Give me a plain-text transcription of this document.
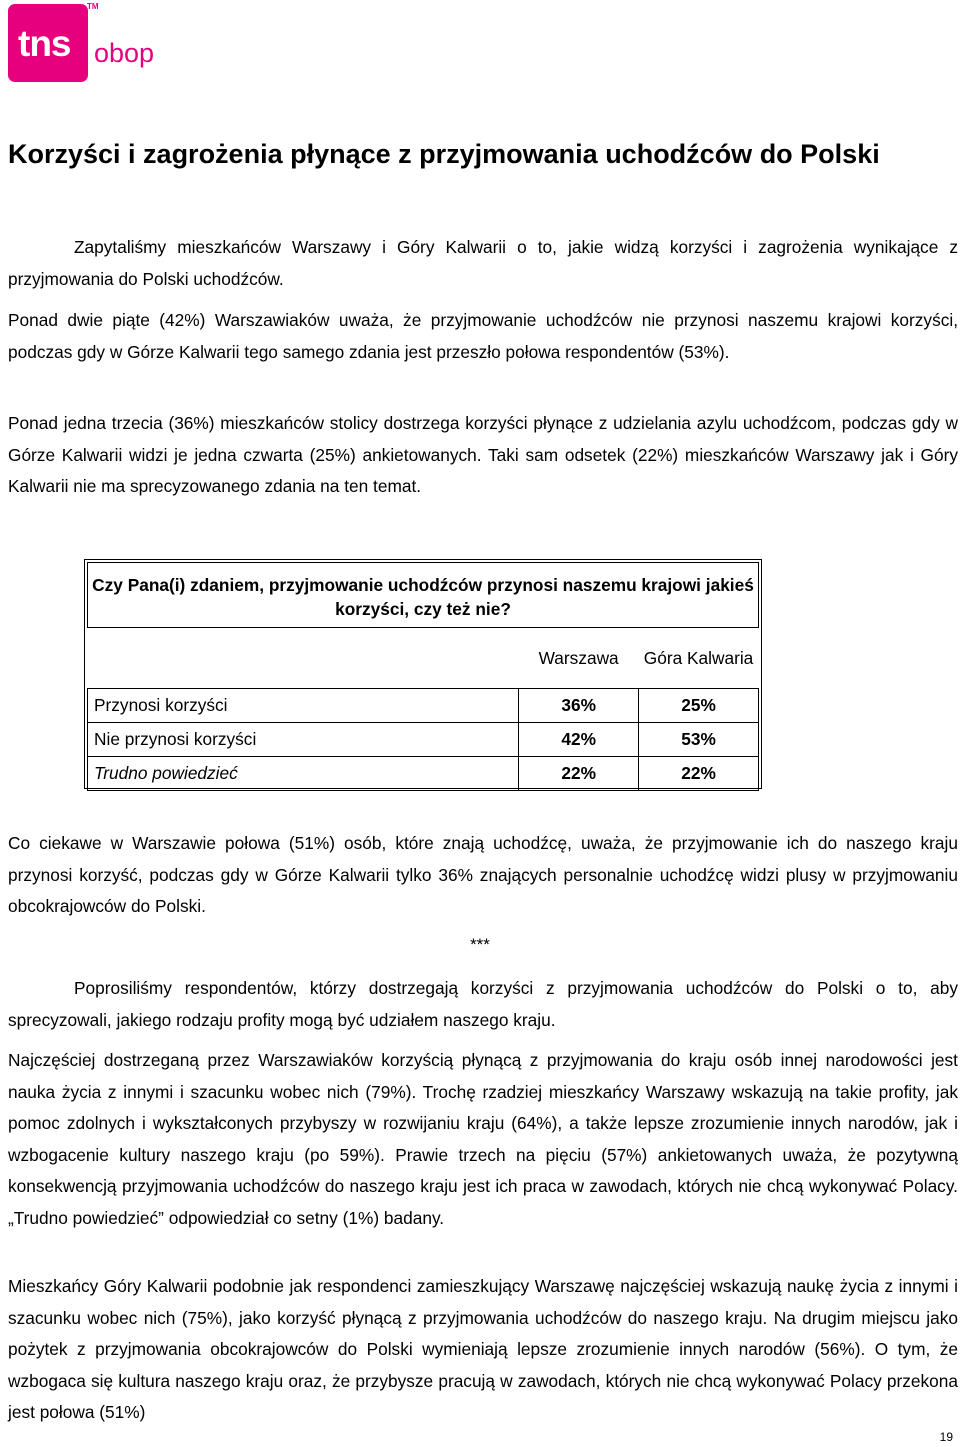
tns
TM
obop
Korzyści i zagrożenia płynące z przyjmowania uchodźców do Polski

Zapytaliśmy mieszkańców Warszawy i Góry Kalwarii o to, jakie widzą korzyści i zagrożenia wynikające z przyjmowania do Polski uchodźców.

Ponad dwie piąte (42%) Warszawiaków uważa, że przyjmowanie uchodźców nie przynosi naszemu krajowi korzyści, podczas gdy w Górze Kalwarii tego samego zdania jest przeszło połowa respondentów (53%).

Ponad jedna trzecia (36%) mieszkańców stolicy dostrzega korzyści płynące z udzielania azylu uchodźcom, podczas gdy w Górze Kalwarii widzi je jedna czwarta (25%) ankietowanych. Taki sam odsetek (22%) mieszkańców Warszawy jak i Góry Kalwarii nie ma sprecyzowanego zdania na ten temat.

Czy Pana(i) zdaniem, przyjmowanie uchodźców przynosi naszemu krajowi jakieś korzyści, czy też nie?		
	Warszawa	Góra Kalwaria
Przynosi korzyści	36%	25%
Nie przynosi korzyści	42%	53%
Trudno powiedzieć	22%	22%

Co ciekawe w Warszawie połowa (51%) osób, które znają uchodźcę, uważa, że przyjmowanie ich do naszego kraju przynosi korzyść, podczas gdy w Górze Kalwarii tylko 36% znających personalnie uchodźcę widzi plusy w przyjmowaniu obcokrajowców do Polski.

***

Poprosiliśmy respondentów, którzy dostrzegają korzyści z przyjmowania uchodźców do Polski o to, aby sprecyzowali, jakiego rodzaju profity mogą być udziałem naszego kraju.

Najczęściej dostrzeganą przez Warszawiaków korzyścią płynącą z przyjmowania do kraju osób innej narodowości jest nauka życia z innymi i szacunku wobec nich (79%). Trochę rzadziej mieszkańcy Warszawy wskazują na takie profity, jak pomoc zdolnych i wykształconych przybyszy w rozwijaniu kraju (64%), a także lepsze zrozumienie innych narodów, jak i wzbogacenie kultury naszego kraju (po 59%). Prawie trzech na pięciu (57%) ankietowanych uważa, że pozytywną konsekwencją przyjmowania uchodźców do naszego kraju jest ich praca w zawodach, których nie chcą wykonywać Polacy. „Trudno powiedzieć” odpowiedział co setny (1%) badany.

Mieszkańcy Góry Kalwarii podobnie jak respondenci zamieszkujący Warszawę najczęściej wskazują naukę życia z innymi i szacunku wobec nich (75%), jako korzyść płynącą z przyjmowania uchodźców do naszego kraju. Na drugim miejscu jako pożytek z przyjmowania obcokrajowców do Polski wymieniają lepsze zrozumienie innych narodów (56%). O tym, że wzbogaca się kultura naszego kraju oraz, że przybysze pracują w zawodach, których nie chcą wykonywać Polacy przekona jest połowa (51%)

19
